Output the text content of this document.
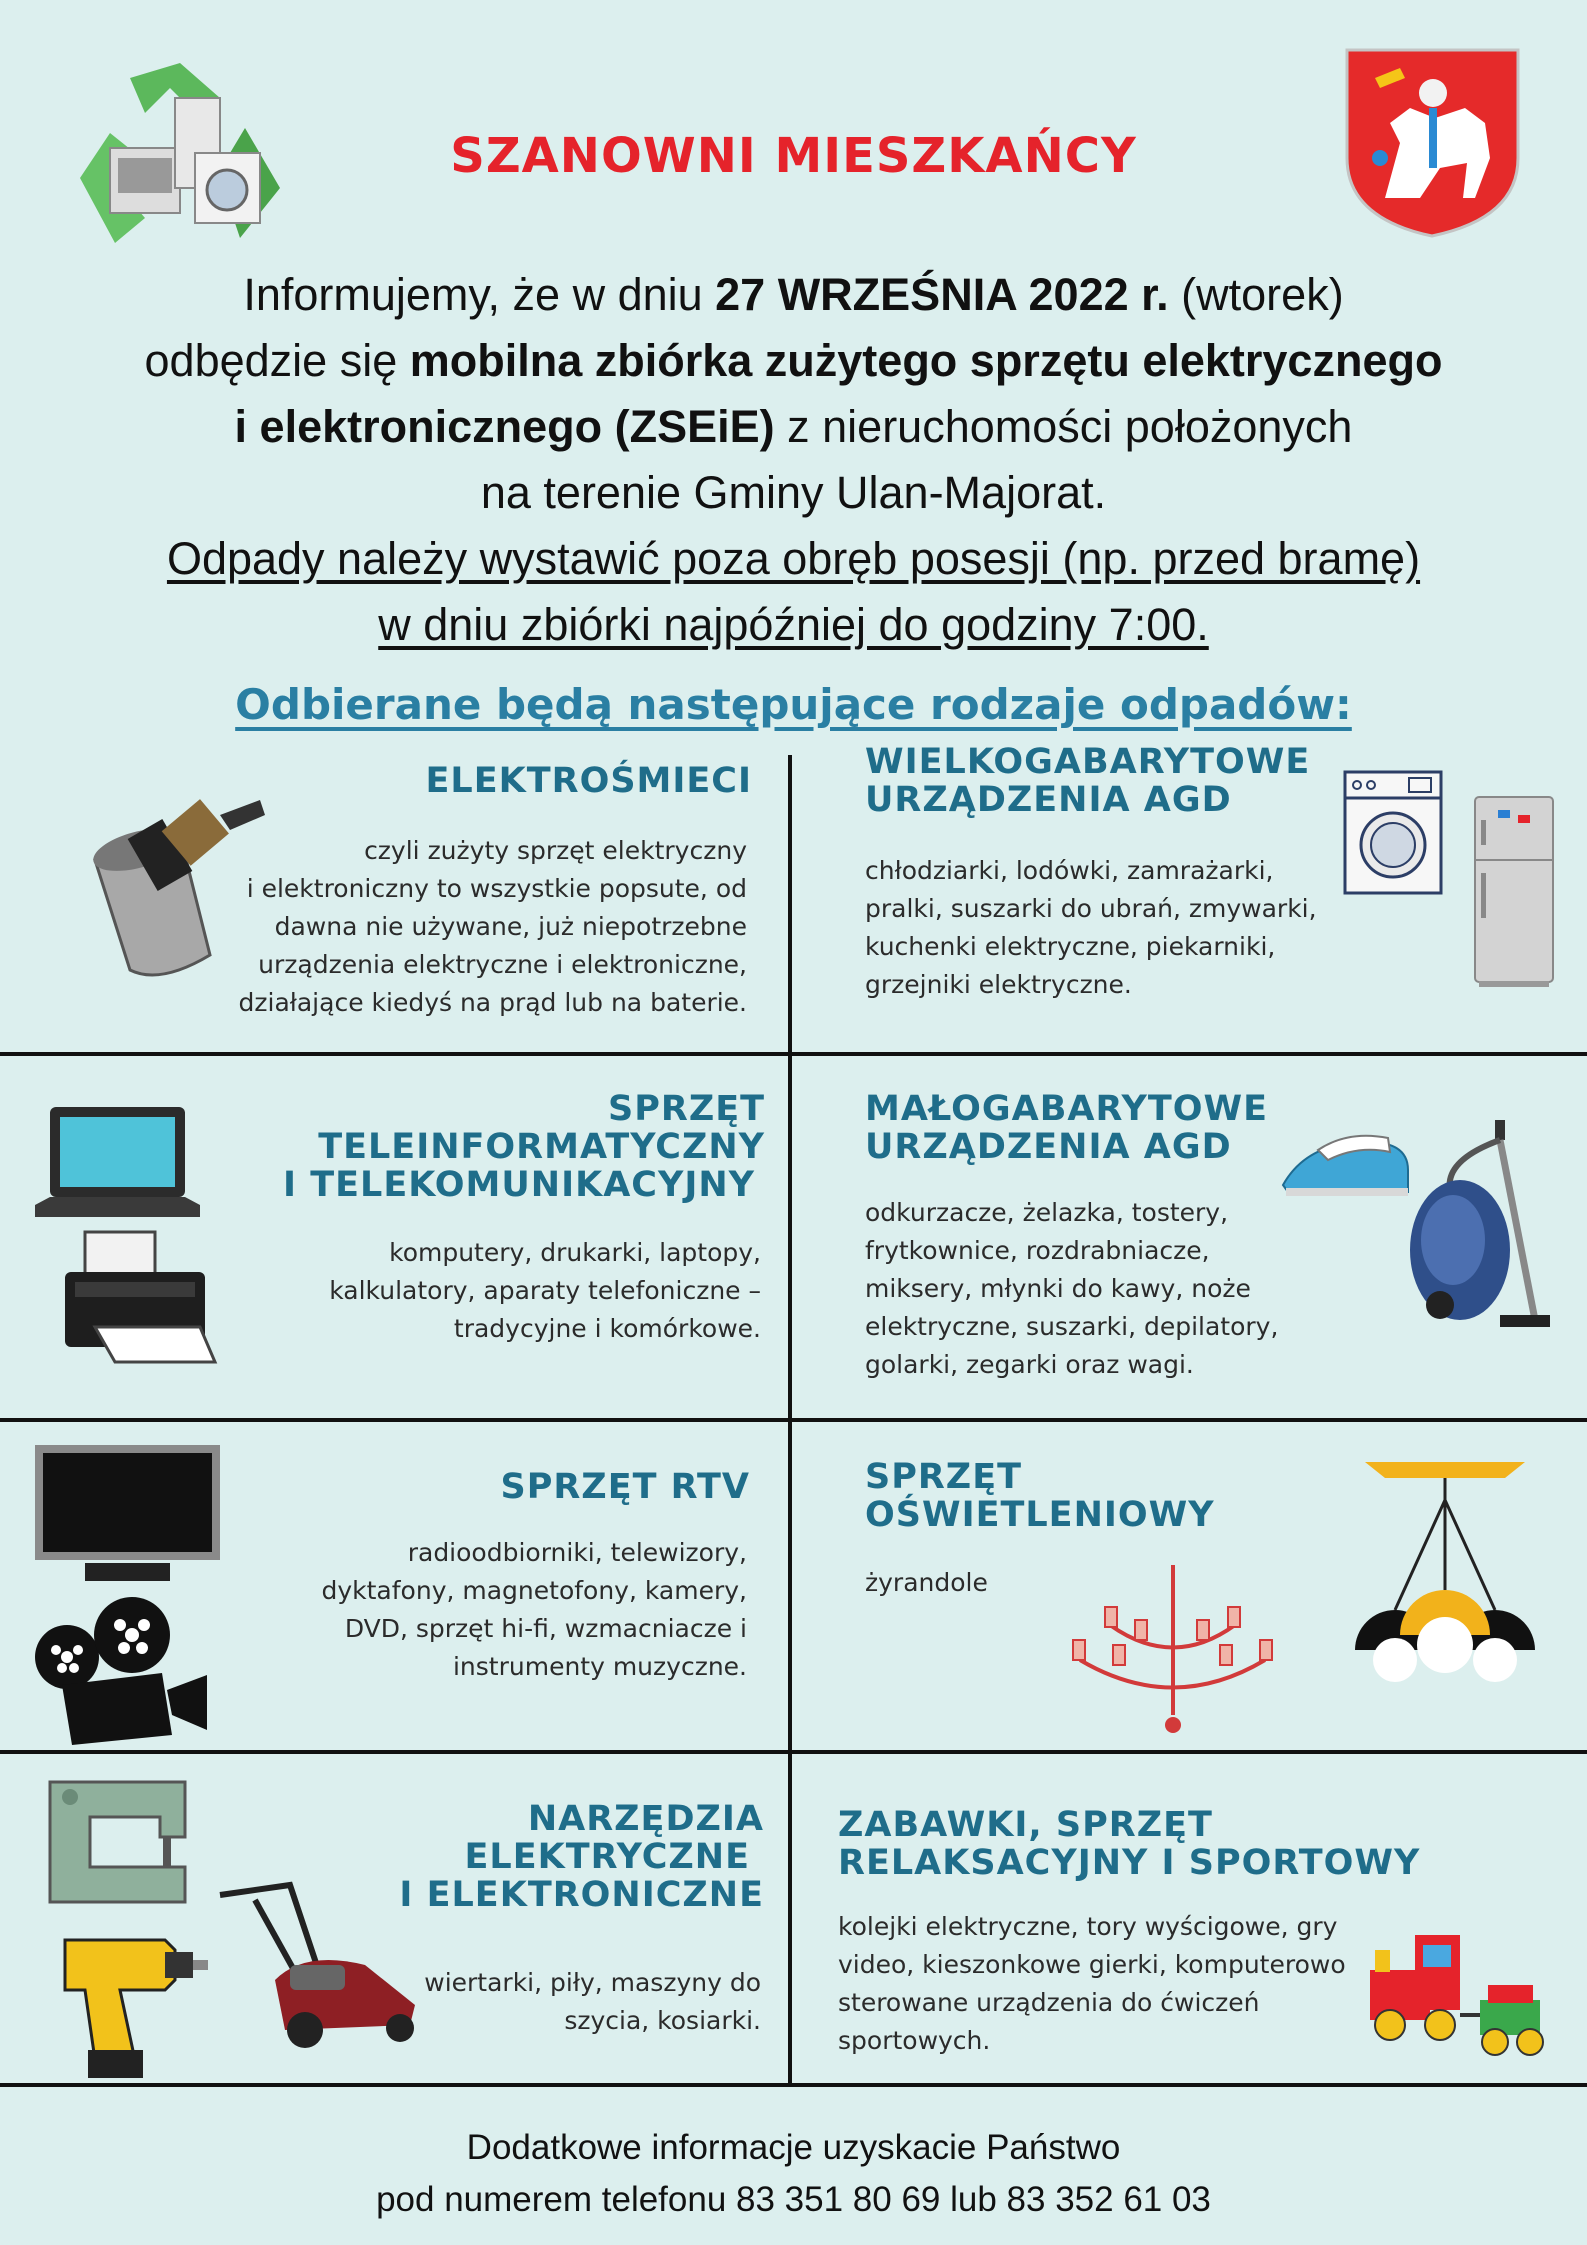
SZANOWNI MIESZKAŃCY
Informujemy, że w dniu 27 WRZEŚNIA 2022 r. (wtorek)
odbędzie się mobilna zbiórka zużytego sprzętu elektrycznego
i elektronicznego (ZSEiE) z nieruchomości położonych
na terenie Gminy Ulan-Majorat.
Odpady należy wystawić poza obręb posesji (np. przed bramę)
w dniu zbiórki najpóźniej do godziny 7:00.
Odbierane będą następujące rodzaje odpadów:
ELEKTROŚMIECI
czyli zużyty sprzęt elektryczny
i elektroniczny to wszystkie popsute, od
dawna nie używane, już niepotrzebne
urządzenia elektryczne i elektroniczne,
działające kiedyś na prąd lub na baterie.
WIELKOGABARYTOWE
URZĄDZENIA AGD
chłodziarki, lodówki, zamrażarki,
pralki, suszarki do ubrań, zmywarki,
kuchenki elektryczne, piekarniki,
grzejniki elektryczne.
SPRZĘT
TELEINFORMATYCZNY
I TELEKOMUNIKACYJNY
komputery, drukarki, laptopy,
kalkulatory, aparaty telefoniczne –
tradycyjne i komórkowe.
MAŁOGABARYTOWE
URZĄDZENIA AGD
odkurzacze, żelazka, tostery,
frytkownice, rozdrabniacze,
miksery, młynki do kawy, noże
elektryczne, suszarki, depilatory,
golarki, zegarki oraz wagi.
SPRZĘT RTV
radioodbiorniki, telewizory,
dyktafony, magnetofony, kamery,
DVD, sprzęt hi-fi, wzmacniacze i
instrumenty muzyczne.
SPRZĘT
OŚWIETLENIOWY
żyrandole
NARZĘDZIA
ELEKTRYCZNE
I ELEKTRONICZNE
wiertarki, piły, maszyny do
szycia, kosiarki.
ZABAWKI, SPRZĘT
RELAKSACYJNY I SPORTOWY
kolejki elektryczne, tory wyścigowe, gry
video, kieszonkowe gierki, komputerowo
sterowane urządzenia do ćwiczeń
sportowych.
Dodatkowe informacje uzyskacie Państwo
pod numerem telefonu 83 351 80 69 lub 83 352 61 03
